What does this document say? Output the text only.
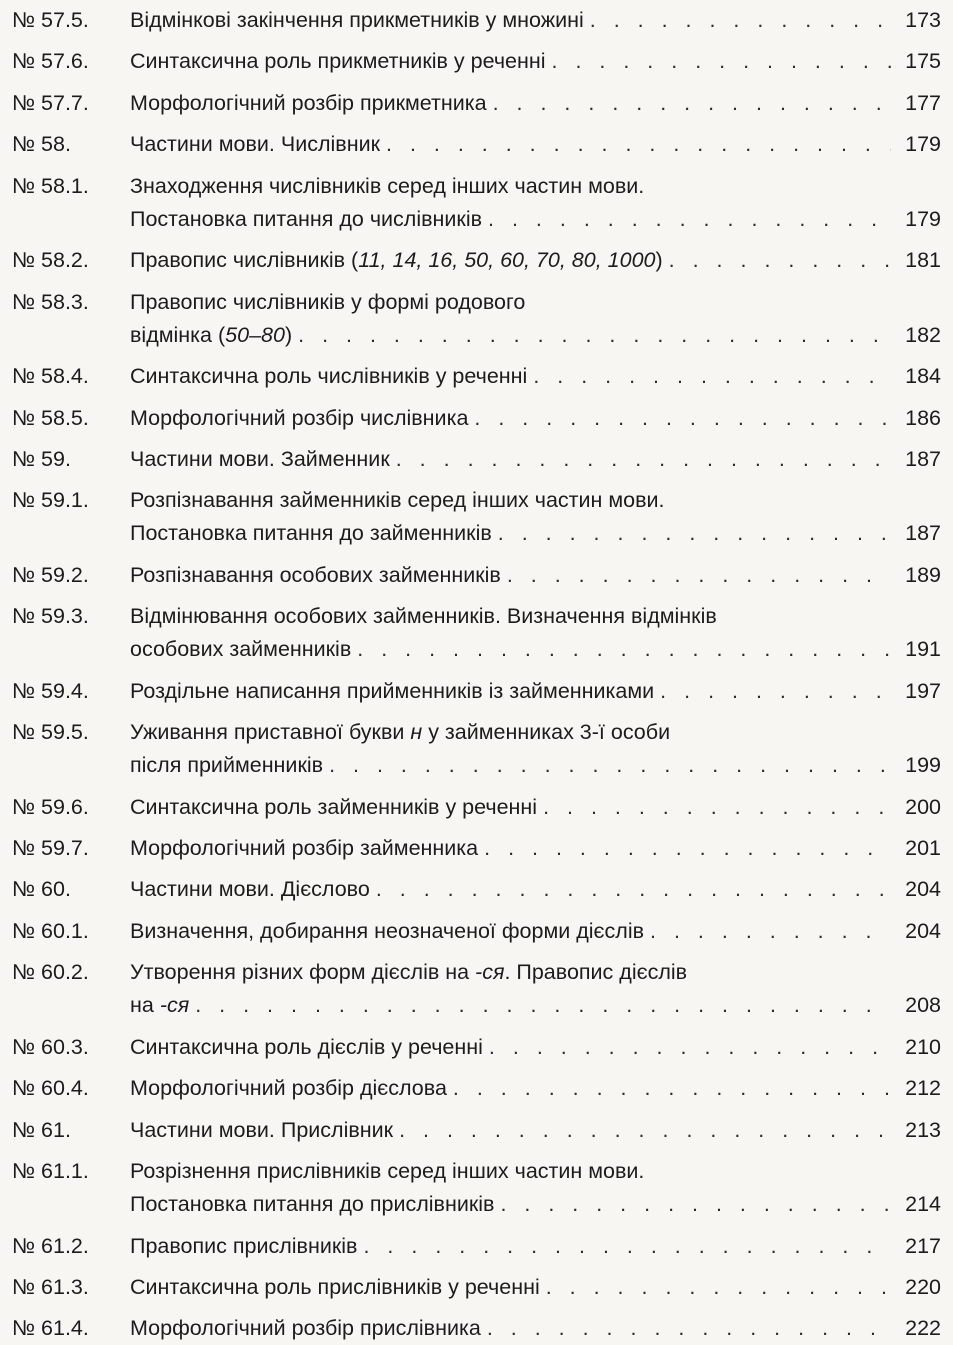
№ 57.5.	Відмінкові закінчення прикметників у множині . . .	173
№ 57.6.	Синтаксична роль прикметників у реченні . . .	175
№ 57.7.	Морфологічний розбір прикметника . . .	177
№ 58.	Частини мови. Числівник . . .	179
№ 58.1.	Знаходження числівників серед інших частин мови.
Постановка питання до числівників . . .	179
№ 58.2.	Правопис числівників (11, 14, 16, 50, 60, 70, 80, 1000) . . .	181
№ 58.3.	Правопис числівників у формі родового
відмінка (50–80) . . .	182
№ 58.4.	Синтаксична роль числівників у реченні . . .	184
№ 58.5.	Морфологічний розбір числівника . . .	186
№ 59.	Частини мови. Займенник . . .	187
№ 59.1.	Розпізнавання займенників серед інших частин мови.
Постановка питання до займенників . . .	187
№ 59.2.	Розпізнавання особових займенників . . .	189
№ 59.3.	Відмінювання особових займенників. Визначення відмінків
особових займенників . . .	191
№ 59.4.	Роздільне написання прийменників із займенниками . . .	197
№ 59.5.	Уживання приставної букви н у займенниках 3-ї особи
після прийменників . . .	199
№ 59.6.	Синтаксична роль займенників у реченні . . .	200
№ 59.7.	Морфологічний розбір займенника . . .	201
№ 60.	Частини мови. Дієслово . . .	204
№ 60.1.	Визначення, добирання неозначеної форми дієслів . . .	204
№ 60.2.	Утворення різних форм дієслів на -ся. Правопис дієслів
на -ся . . .	208
№ 60.3.	Синтаксична роль дієслів у реченні . . .	210
№ 60.4.	Морфологічний розбір дієслова . . .	212
№ 61.	Частини мови. Прислівник . . .	213
№ 61.1.	Розрізнення прислівників серед інших частин мови.
Постановка питання до прислівників . . .	214
№ 61.2.	Правопис прислівників . . .	217
№ 61.3.	Синтаксична роль прислівників у реченні . . .	220
№ 61.4.	Морфологічний розбір прислівника . . .	222
